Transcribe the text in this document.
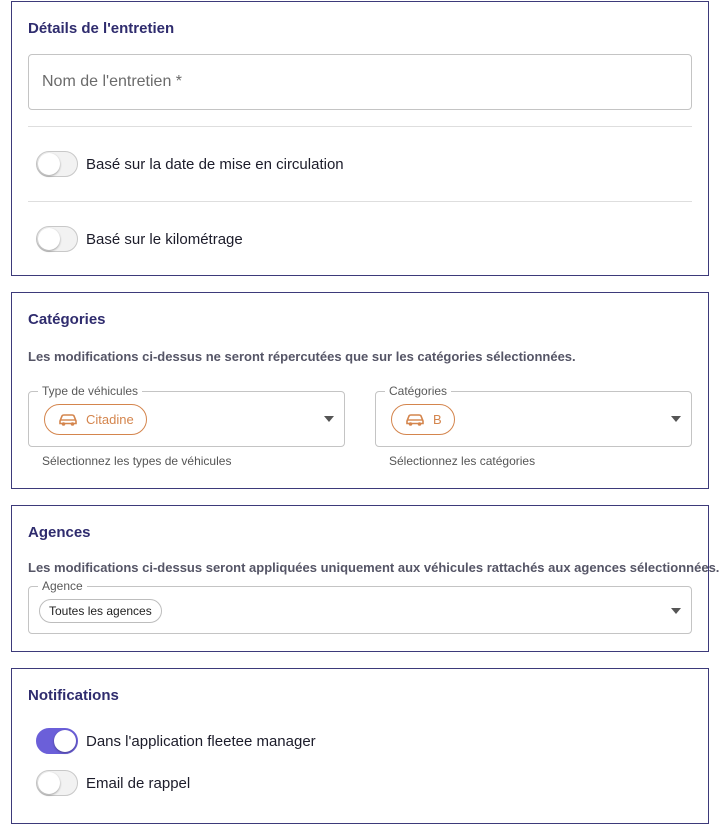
Détails de l'entretien
Nom de l'entretien *
Basé sur la date de mise en circulation
Basé sur le kilométrage
Catégories
Les modifications ci-dessus ne seront répercutées que sur les catégories sélectionnées.
Type de véhicules
Citadine
Sélectionnez les types de véhicules
Catégories
B
Sélectionnez les catégories
Agences
Les modifications ci-dessus seront appliquées uniquement aux véhicules rattachés aux agences sélectionnées.
Agence
Toutes les agences
Notifications
Dans l'application fleetee manager
Email de rappel
